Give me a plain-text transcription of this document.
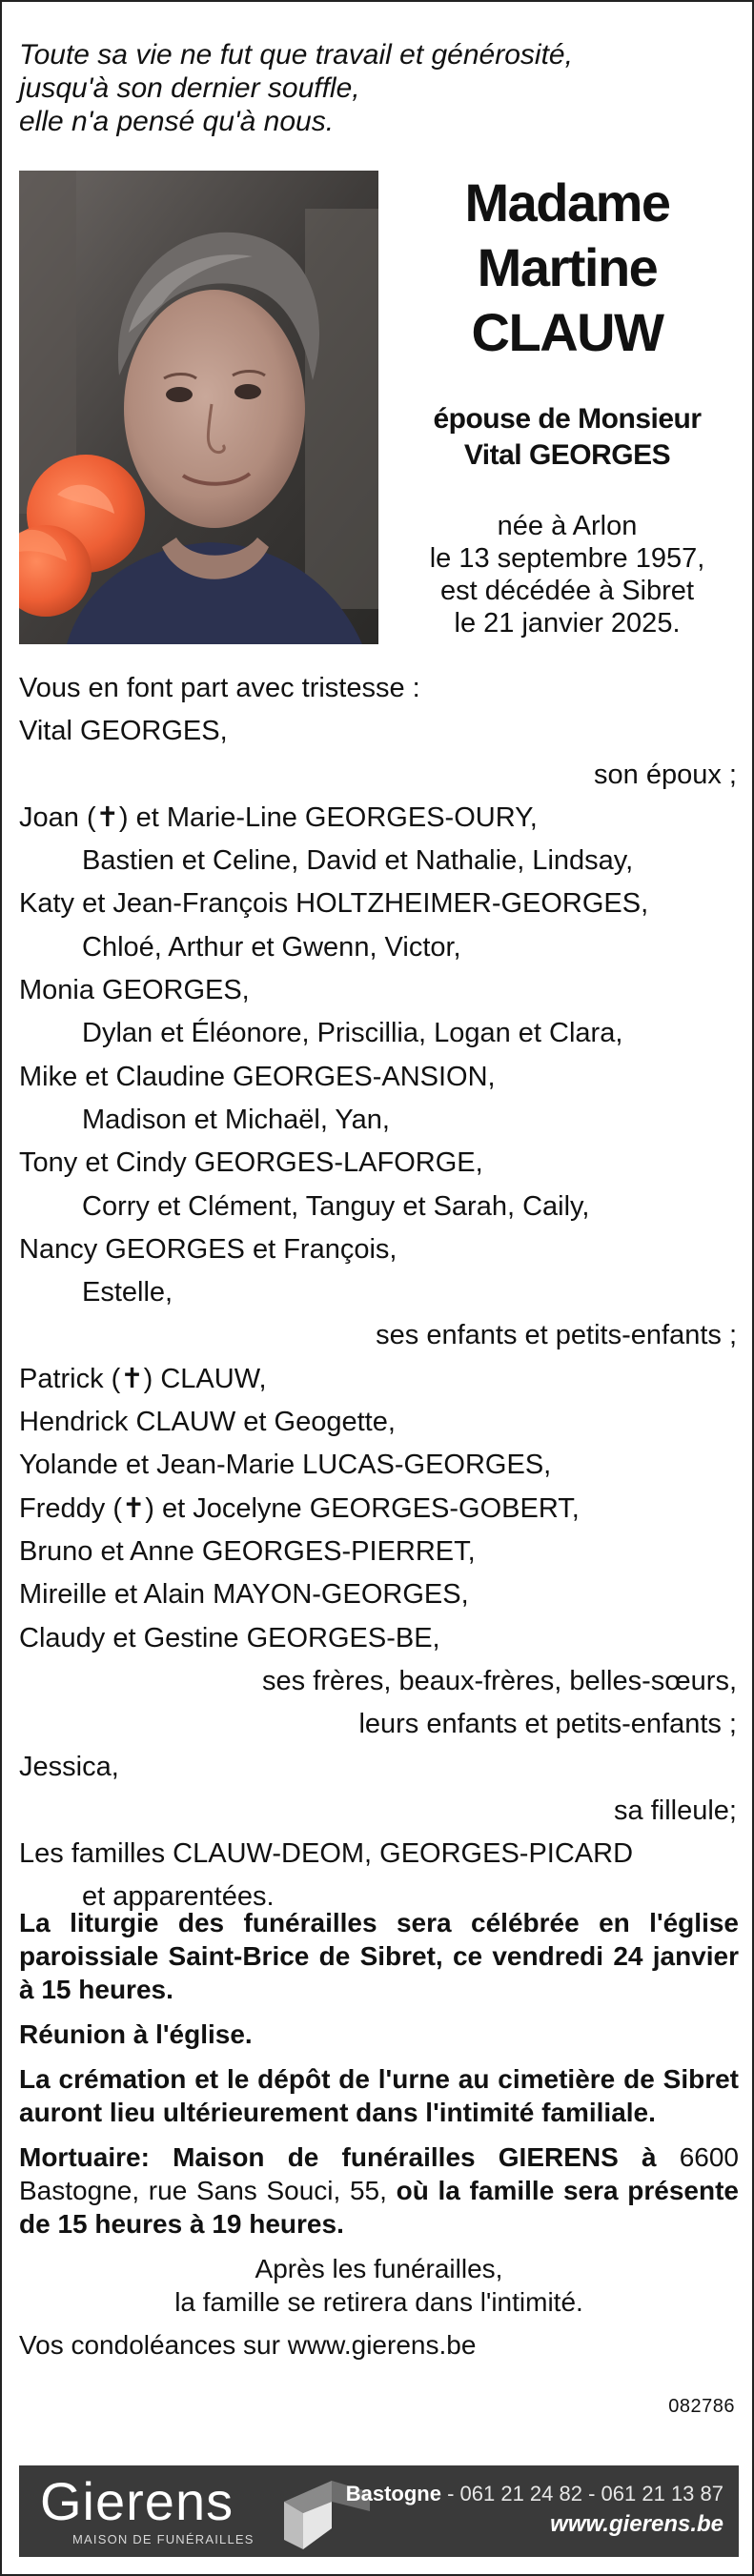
Toute sa vie ne fut que travail et générosité,
jusqu'à son dernier souffle,
elle n'a pensé qu'à nous.
Madame
Martine
CLAUW
épouse de Monsieur
Vital GEORGES
née à Arlon
le 13 septembre 1957,
est décédée à Sibret
le 21 janvier 2025.
Vous en font part avec tristesse :
Vital GEORGES,
son époux ;
Joan (✝) et Marie-Line GEORGES-OURY,
Bastien et Celine, David et Nathalie, Lindsay,
Katy et Jean-François HOLTZHEIMER-GEORGES,
Chloé, Arthur et Gwenn, Victor,
Monia GEORGES,
Dylan et Éléonore, Priscillia, Logan et Clara,
Mike et Claudine GEORGES-ANSION,
Madison et Michaël, Yan,
Tony et Cindy GEORGES-LAFORGE,
Corry et Clément, Tanguy et Sarah, Caily,
Nancy GEORGES et François,
Estelle,
ses enfants et petits-enfants ;
Patrick (✝) CLAUW,
Hendrick CLAUW et Geogette,
Yolande et Jean-Marie LUCAS-GEORGES,
Freddy (✝) et Jocelyne GEORGES-GOBERT,
Bruno et Anne GEORGES-PIERRET,
Mireille et Alain MAYON-GEORGES,
Claudy et Gestine GEORGES-BE,
ses frères, beaux-frères, belles-sœurs,
leurs enfants et petits-enfants ;
Jessica,
sa filleule;
Les familles CLAUW-DEOM, GEORGES-PICARD
et apparentées.

La liturgie des funérailles sera célébrée en l'église paroissiale Saint-Brice de Sibret, ce vendredi 24 janvier à 15 heures.

Réunion à l'église.

La crémation et le dépôt de l'urne au cimetière de Sibret auront lieu ultérieurement dans l'intimité familiale.

Mortuaire: Maison de funérailles GIERENS à 6600 Bastogne, rue Sans Souci, 55, où la famille sera présente de 15 heures à 19 heures.

Après les funérailles,
la famille se retirera dans l'intimité.

Vos condoléances sur www.gierens.be

082786
Gierens
MAISON DE FUNÉRAILLES
Bastogne - 061 21 24 82 - 061 21 13 87
www.gierens.be
